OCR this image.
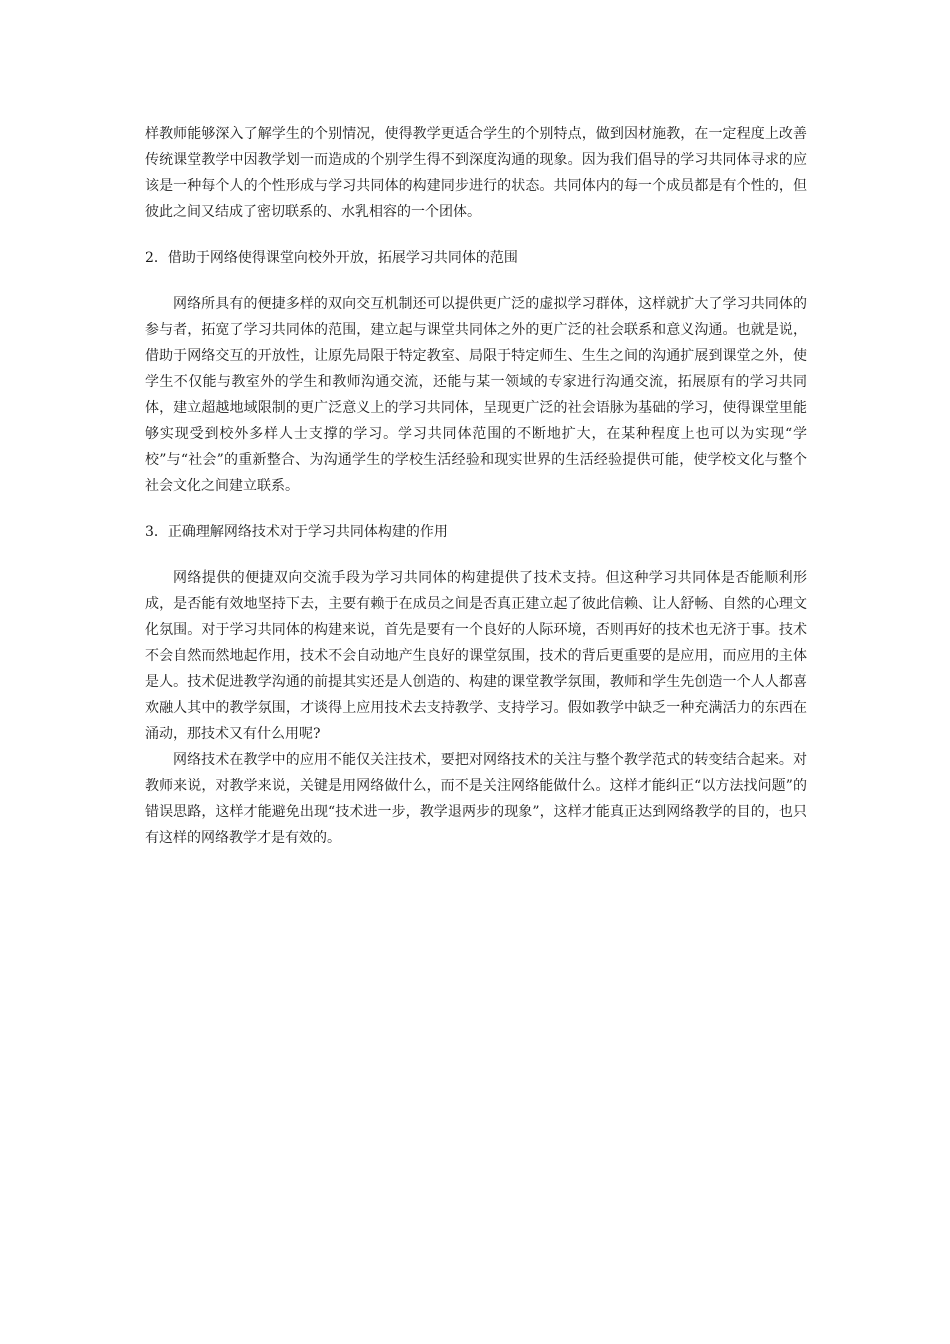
样教师能够深入了解学生的个别情况，使得教学更适合学生的个别特点，做到因材施教，在一定程度上改善传统课堂教学中因教学划一而造成的个别学生得不到深度沟通的现象。因为我们倡导的学习共同体寻求的应该是一种每个人的个性形成与学习共同体的构建同步进行的状态。共同体内的每一个成员都是有个性的，但彼此之间又结成了密切联系的、水乳相容的一个团体。

2．借助于网络使得课堂向校外开放，拓展学习共同体的范围

网络所具有的便捷多样的双向交互机制还可以提供更广泛的虚拟学习群体，这样就扩大了学习共同体的参与者，拓宽了学习共同体的范围，建立起与课堂共同体之外的更广泛的社会联系和意义沟通。也就是说，借助于网络交互的开放性，让原先局限于特定教室、局限于特定师生、生生之间的沟通扩展到课堂之外，使学生不仅能与教室外的学生和教师沟通交流，还能与某一领域的专家进行沟通交流，拓展原有的学习共同体，建立超越地域限制的更广泛意义上的学习共同体，呈现更广泛的社会语脉为基础的学习，使得课堂里能够实现受到校外多样人士支撑的学习。学习共同体范围的不断地扩大，在某种程度上也可以为实现“学校”与“社会”的重新整合、为沟通学生的学校生活经验和现实世界的生活经验提供可能，使学校文化与整个社会文化之间建立联系。

3．正确理解网络技术对于学习共同体构建的作用

网络提供的便捷双向交流手段为学习共同体的构建提供了技术支持。但这种学习共同体是否能顺利形成，是否能有效地坚持下去，主要有赖于在成员之间是否真正建立起了彼此信赖、让人舒畅、自然的心理文化氛围。对于学习共同体的构建来说，首先是要有一个良好的人际环境，否则再好的技术也无济于事。技术不会自然而然地起作用，技术不会自动地产生良好的课堂氛围，技术的背后更重要的是应用，而应用的主体是人。技术促进教学沟通的前提其实还是人创造的、构建的课堂教学氛围，教师和学生先创造一个人人都喜欢融人其中的教学氛围，才谈得上应用技术去支持教学、支持学习。假如教学中缺乏一种充满活力的东西在涌动，那技术又有什么用呢?

网络技术在教学中的应用不能仅关注技术，要把对网络技术的关注与整个教学范式的转变结合起来。对教师来说，对教学来说，关键是用网络做什么，而不是关注网络能做什么。这样才能纠正“以方法找问题”的错误思路，这样才能避免出现“技术进一步，教学退两步的现象”，这样才能真正达到网络教学的目的，也只有这样的网络教学才是有效的。
